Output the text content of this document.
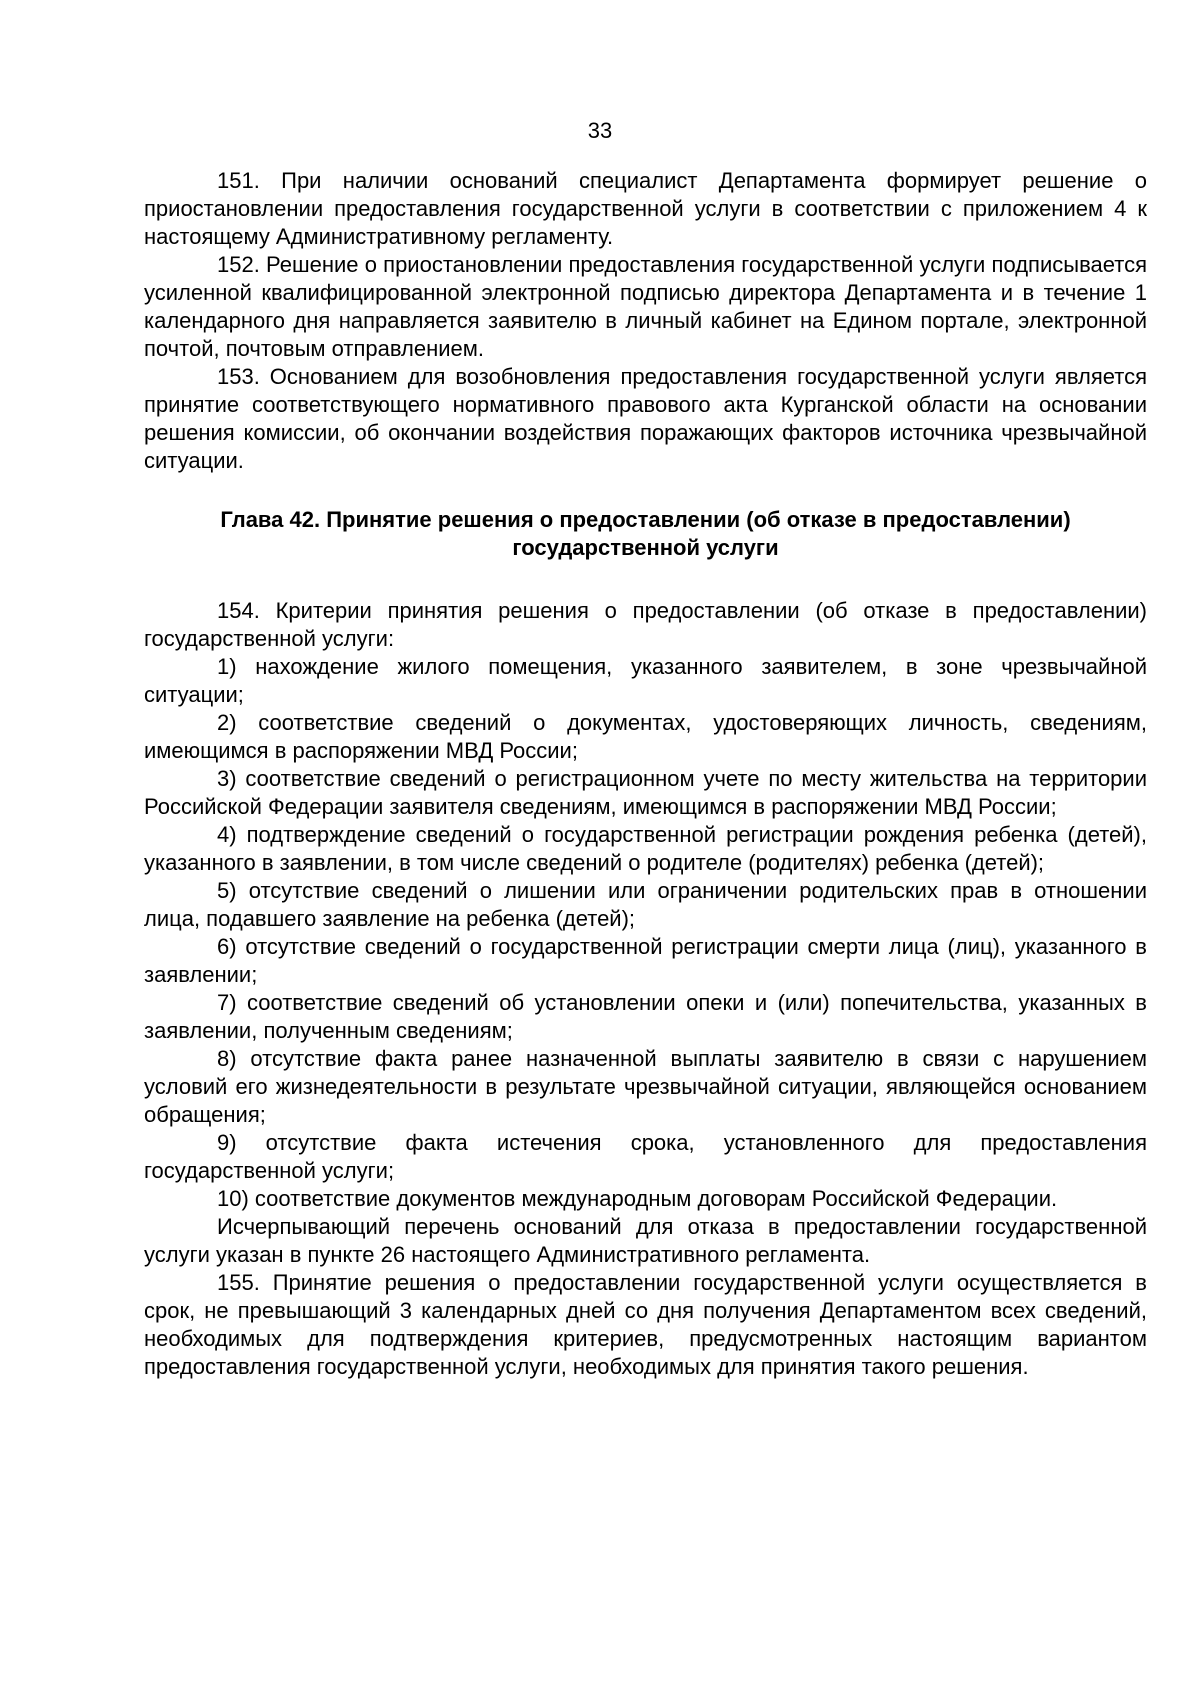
33

151. При наличии оснований специалист Департамента формирует решение о приостановлении предоставления государственной услуги в соответствии с приложением 4 к настоящему Административному регламенту.

152. Решение о приостановлении предоставления государственной услуги подписывается усиленной квалифицированной электронной подписью директора Департамента и в течение 1 календарного дня направляется заявителю в личный кабинет на Едином портале, электронной почтой, почтовым отправлением.

153. Основанием для возобновления предоставления государственной услуги является принятие соответствующего нормативного правового акта Курганской области на основании решения комиссии, об окончании воздействия поражающих факторов источника чрезвычайной ситуации.

Глава 42. Принятие решения о предоставлении (об отказе в предоставлении)
государственной услуги

154. Критерии принятия решения о предоставлении (об отказе в предоставлении) государственной услуги:

1) нахождение жилого помещения, указанного заявителем, в зоне чрезвычайной ситуации;

2) соответствие сведений о документах, удостоверяющих личность, сведениям, имеющимся в распоряжении МВД России;

3) соответствие сведений о регистрационном учете по месту жительства на территории Российской Федерации заявителя сведениям, имеющимся в распоряжении МВД России;

4) подтверждение сведений о государственной регистрации рождения ребенка (детей), указанного в заявлении, в том числе сведений о родителе (родителях) ребенка (детей);

5) отсутствие сведений о лишении или ограничении родительских прав в отношении лица, подавшего заявление на ребенка (детей);

6) отсутствие сведений о государственной регистрации смерти лица (лиц), указанного в заявлении;

7) соответствие сведений об установлении опеки и (или) попечительства, указанных в заявлении, полученным сведениям;

8) отсутствие факта ранее назначенной выплаты заявителю в связи с нарушением условий его жизнедеятельности в результате чрезвычайной ситуации, являющейся основанием обращения;

9) отсутствие факта истечения срока, установленного для предоставления государственной услуги;

10) соответствие документов международным договорам Российской Федерации.

Исчерпывающий перечень оснований для отказа в предоставлении государственной услуги указан в пункте 26 настоящего Административного регламента.

155. Принятие решения о предоставлении государственной услуги осуществляется в срок, не превышающий 3 календарных дней со дня получения Департаментом всех сведений, необходимых для подтверждения критериев, предусмотренных настоящим вариантом предоставления государственной услуги, необходимых для принятия такого решения.
